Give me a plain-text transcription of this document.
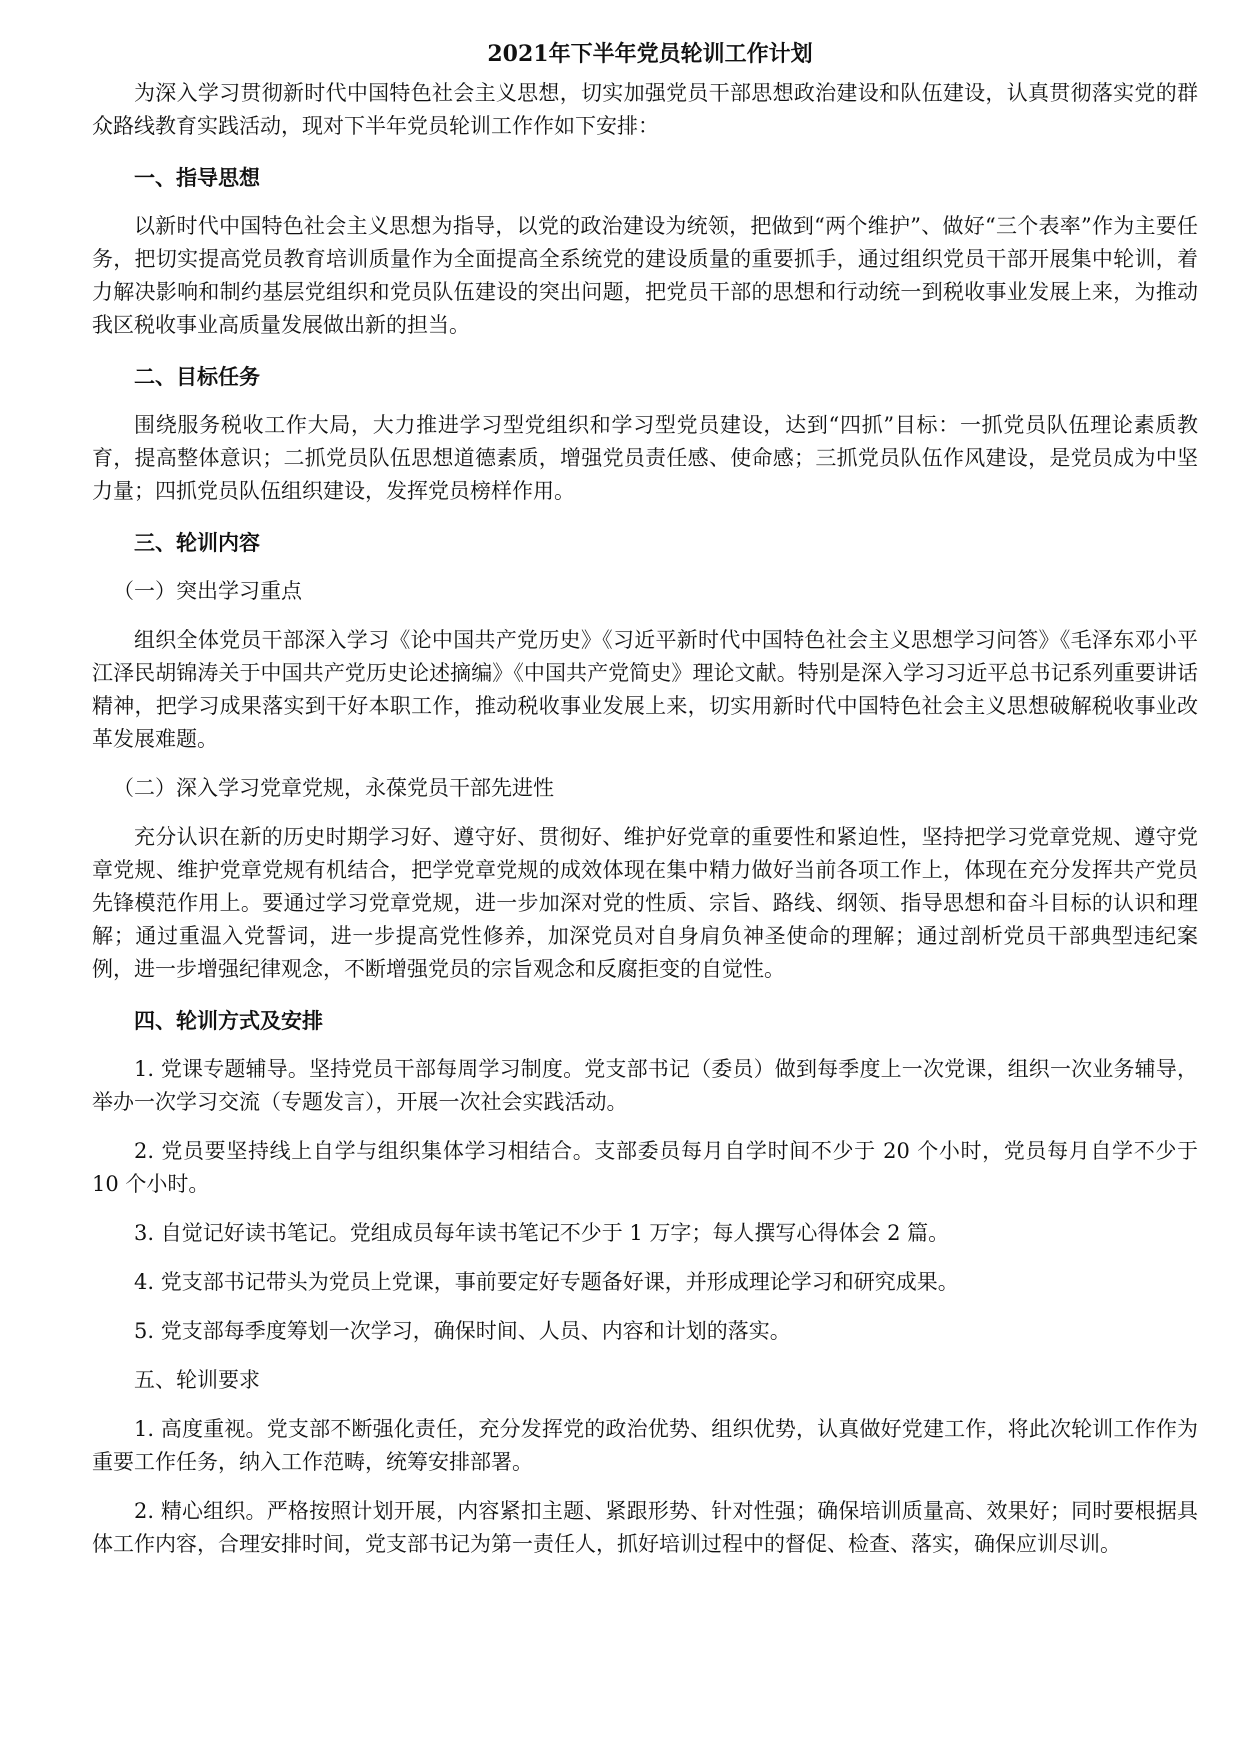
2021年下半年党员轮训工作计划

为深入学习贯彻新时代中国特色社会主义思想，切实加强党员干部思想政治建设和队伍建设，认真贯彻落实党的群众路线教育实践活动，现对下半年党员轮训工作作如下安排：

一、指导思想

以新时代中国特色社会主义思想为指导，以党的政治建设为统领，把做到“两个维护”、做好“三个表率”作为主要任务，把切实提高党员教育培训质量作为全面提高全系统党的建设质量的重要抓手，通过组织党员干部开展集中轮训，着力解决影响和制约基层党组织和党员队伍建设的突出问题，把党员干部的思想和行动统一到税收事业发展上来，为推动我区税收事业高质量发展做出新的担当。

二、目标任务

围绕服务税收工作大局，大力推进学习型党组织和学习型党员建设，达到“四抓”目标：一抓党员队伍理论素质教育，提高整体意识；二抓党员队伍思想道德素质，增强党员责任感、使命感；三抓党员队伍作风建设，是党员成为中坚力量；四抓党员队伍组织建设，发挥党员榜样作用。

三、轮训内容

（一）突出学习重点

组织全体党员干部深入学习《论中国共产党历史》《习近平新时代中国特色社会主义思想学习问答》《毛泽东邓小平江泽民胡锦涛关于中国共产党历史论述摘编》《中国共产党简史》理论文献。特别是深入学习习近平总书记系列重要讲话精神，把学习成果落实到干好本职工作，推动税收事业发展上来，切实用新时代中国特色社会主义思想破解税收事业改革发展难题。

（二）深入学习党章党规，永葆党员干部先进性

充分认识在新的历史时期学习好、遵守好、贯彻好、维护好党章的重要性和紧迫性，坚持把学习党章党规、遵守党章党规、维护党章党规有机结合，把学党章党规的成效体现在集中精力做好当前各项工作上，体现在充分发挥共产党员先锋模范作用上。要通过学习党章党规，进一步加深对党的性质、宗旨、路线、纲领、指导思想和奋斗目标的认识和理解；通过重温入党誓词，进一步提高党性修养，加深党员对自身肩负神圣使命的理解；通过剖析党员干部典型违纪案例，进一步增强纪律观念，不断增强党员的宗旨观念和反腐拒变的自觉性。

四、轮训方式及安排

1. 党课专题辅导。坚持党员干部每周学习制度。党支部书记（委员）做到每季度上一次党课，组织一次业务辅导，举办一次学习交流（专题发言），开展一次社会实践活动。

2. 党员要坚持线上自学与组织集体学习相结合。支部委员每月自学时间不少于 20 个小时，党员每月自学不少于 10 个小时。

3. 自觉记好读书笔记。党组成员每年读书笔记不少于 1 万字；每人撰写心得体会 2 篇。

4. 党支部书记带头为党员上党课，事前要定好专题备好课，并形成理论学习和研究成果。

5. 党支部每季度筹划一次学习，确保时间、人员、内容和计划的落实。

五、轮训要求

1. 高度重视。党支部不断强化责任，充分发挥党的政治优势、组织优势，认真做好党建工作，将此次轮训工作作为重要工作任务，纳入工作范畴，统筹安排部署。

2. 精心组织。严格按照计划开展，内容紧扣主题、紧跟形势、针对性强；确保培训质量高、效果好；同时要根据具体工作内容，合理安排时间，党支部书记为第一责任人，抓好培训过程中的督促、检查、落实，确保应训尽训。
